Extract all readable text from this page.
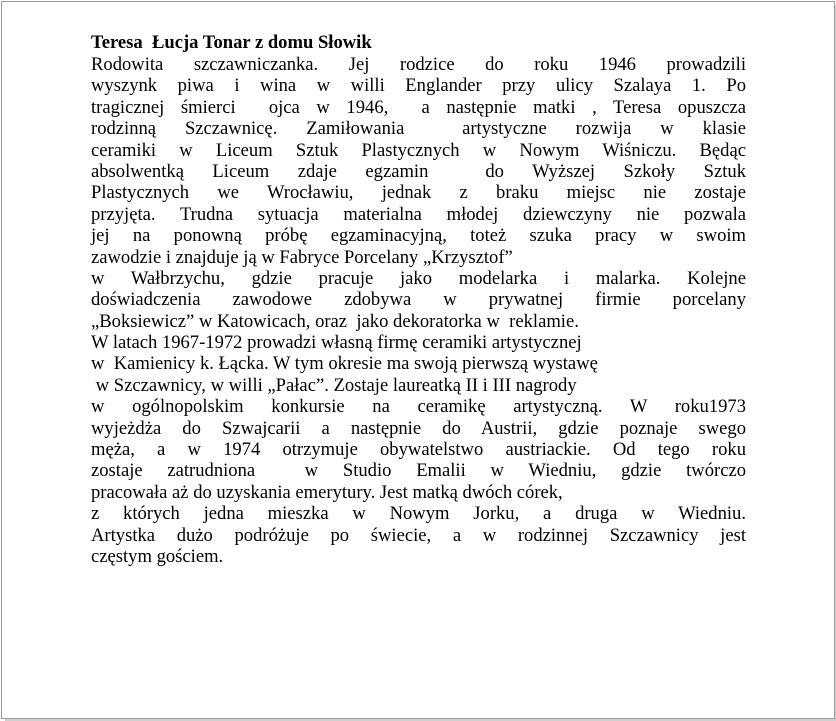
Teresa  Łucja Tonar z domu Słowik
Rodowita szczawniczanka. Jej rodzice do roku 1946 prowadzili
wyszynk piwa i wina w willi Englander przy ulicy Szalaya 1. Po
tragicznej śmierci  ojca w 1946,  a następnie matki , Teresa opuszcza
rodzinną Szczawnicę. Zamiłowania  artystyczne rozwija w klasie
ceramiki w Liceum Sztuk Plastycznych w Nowym Wiśniczu. Będąc
absolwentką Liceum zdaje egzamin  do Wyższej Szkoły Sztuk
Plastycznych we Wrocławiu, jednak z braku miejsc nie zostaje
przyjęta. Trudna sytuacja materialna młodej dziewczyny nie pozwala
jej na ponowną próbę egzaminacyjną, toteż szuka pracy w swoim
zawodzie i znajduje ją w Fabryce Porcelany „Krzysztof”
w Wałbrzychu, gdzie pracuje jako modelarka i malarka. Kolejne
doświadczenia zawodowe zdobywa w prywatnej firmie porcelany
„Boksiewicz” w Katowicach, oraz  jako dekoratorka w  reklamie.
W latach 1967-1972 prowadzi własną firmę ceramiki artystycznej
w  Kamienicy k. Łącka. W tym okresie ma swoją pierwszą wystawę
w Szczawnicy, w willi „Pałac”. Zostaje laureatką II i III nagrody
w ogólnopolskim konkursie na ceramikę artystyczną. W roku1973
wyjeżdża do Szwajcarii a następnie do Austrii, gdzie poznaje swego
męża, a w 1974 otrzymuje obywatelstwo austriackie. Od tego roku
zostaje zatrudniona  w Studio Emalii w Wiedniu, gdzie twórczo
pracowała aż do uzyskania emerytury. Jest matką dwóch córek,
z których jedna mieszka w Nowym Jorku, a druga w Wiedniu.
Artystka dużo podróżuje po świecie, a w rodzinnej Szczawnicy jest
częstym gościem.
